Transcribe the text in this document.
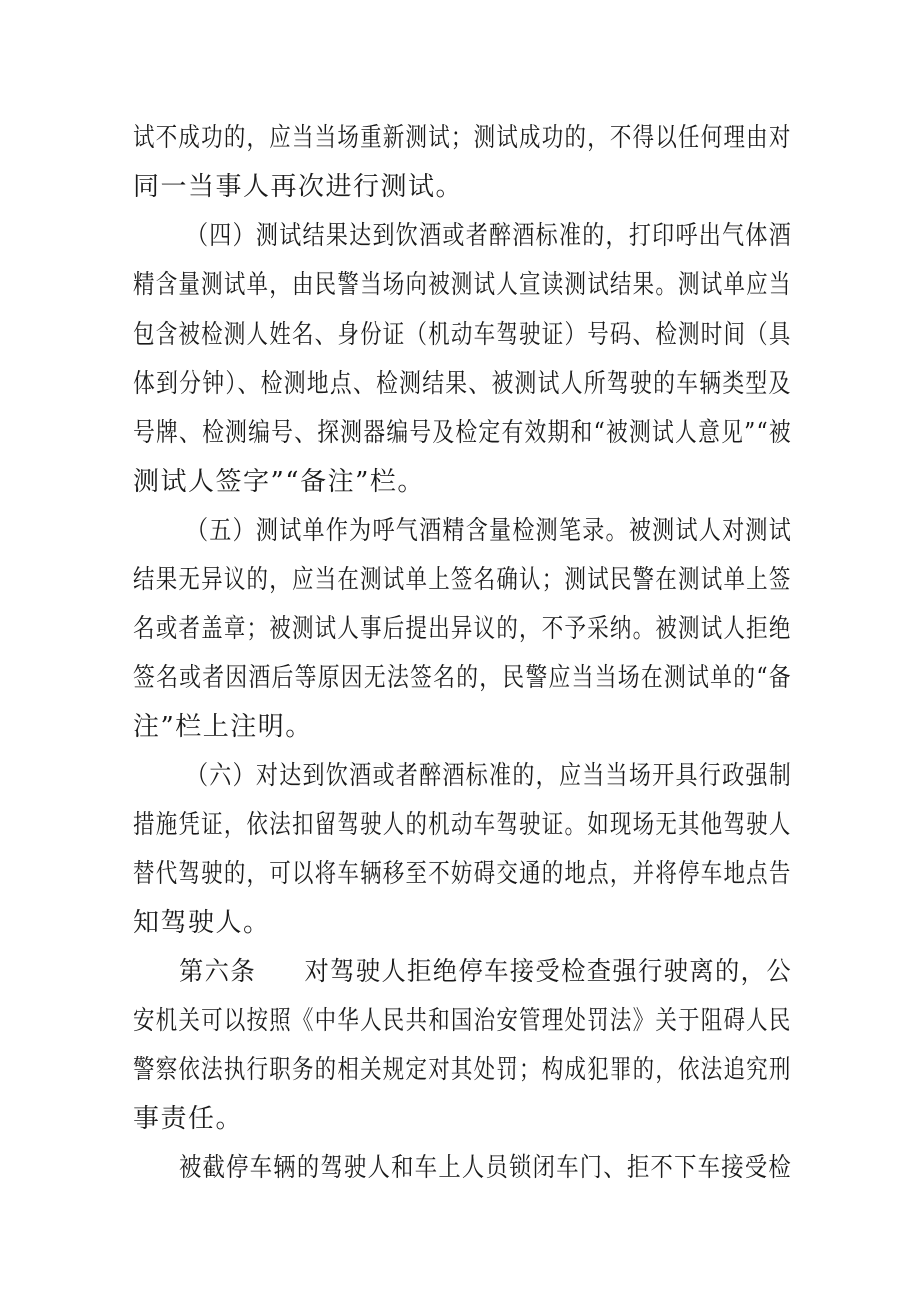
试不成功的，应当当场重新测试；测试成功的，不得以任何理由对
同一当事人再次进行测试。
（四）测试结果达到饮酒或者醉酒标准的，打印呼出气体酒
精含量测试单，由民警当场向被测试人宣读测试结果。测试单应当
包含被检测人姓名、身份证（机动车驾驶证）号码、检测时间（具
体到分钟）、检测地点、检测结果、被测试人所驾驶的车辆类型及
号牌、检测编号、探测器编号及检定有效期和“被测试人意见”“被
测试人签字”“备注”栏。
（五）测试单作为呼气酒精含量检测笔录。被测试人对测试
结果无异议的，应当在测试单上签名确认；测试民警在测试单上签
名或者盖章；被测试人事后提出异议的，不予采纳。被测试人拒绝
签名或者因酒后等原因无法签名的，民警应当当场在测试单的“备
注”栏上注明。
（六）对达到饮酒或者醉酒标准的，应当当场开具行政强制
措施凭证，依法扣留驾驶人的机动车驾驶证。如现场无其他驾驶人
替代驾驶的，可以将车辆移至不妨碍交通的地点，并将停车地点告
知驾驶人。
第六条 对驾驶人拒绝停车接受检查强行驶离的，公
安机关可以按照《中华人民共和国治安管理处罚法》关于阻碍人民
警察依法执行职务的相关规定对其处罚；构成犯罪的，依法追究刑
事责任。
被截停车辆的驾驶人和车上人员锁闭车门、拒不下车接受检
